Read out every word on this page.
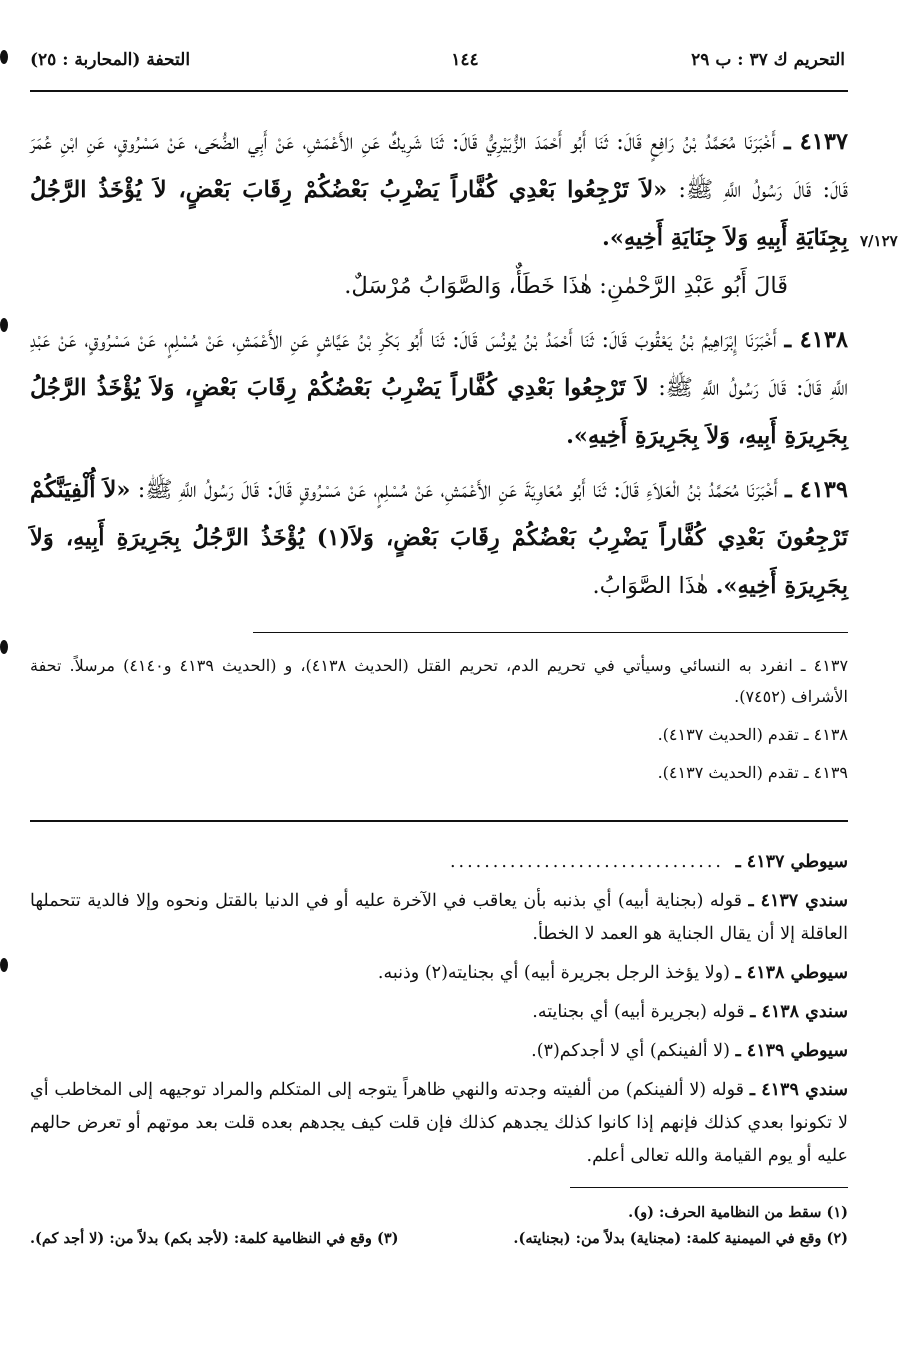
التحريم ك ٣٧ : ب ٢٩
١٤٤
التحفة (المحاربة : ٢٥)
٧/١٢٧

٤١٣٧ ـ أَخْبَرَنَا مُحَمَّدُ بْنُ رَافِعٍ قَالَ: ثَنَا أَبُو أَحْمَدَ الزُّبَيْرِيُّ قَالَ: ثَنَا شَرِيكٌ عَنِ الأَعْمَشِ، عَنْ أَبِي الضُّحَى، عَنْ مَسْرُوقٍ، عَنِ ابْنِ عُمَرَ قَالَ: قَالَ رَسُولُ اللَّهِ ﷺ: «لاَ تَرْجِعُوا بَعْدِي كُفَّاراً يَضْرِبُ بَعْضُكُمْ رِقَابَ بَعْضٍ، لاَ يُؤْخَذُ الرَّجُلُ بِجِنَايَةِ أَبِيهِ وَلاَ جِنَايَةِ أَخِيهِ».

قَالَ أَبُو عَبْدِ الرَّحْمٰنِ: هٰذَا خَطَأٌ، وَالصَّوَابُ مُرْسَلٌ.

٤١٣٨ ـ أَخْبَرَنَا إِبْرَاهِيمُ بْنُ يَعْقُوبَ قَالَ: ثَنَا أَحْمَدُ بْنُ يُونُسَ قَالَ: ثَنَا أَبُو بَكْرِ بْنُ عَيَّاشٍ عَنِ الأَعْمَشِ، عَنْ مُسْلِمٍ، عَنْ مَسْرُوقٍ، عَنْ عَبْدِ اللَّهِ قَالَ: قَالَ رَسُولُ اللَّهِ ﷺ: لاَ تَرْجِعُوا بَعْدِي كُفَّاراً يَضْرِبُ بَعْضُكُمْ رِقَابَ بَعْضٍ، وَلاَ يُؤْخَذُ الرَّجُلُ بِجَرِيرَةِ أَبِيهِ، وَلاَ بِجَرِيرَةِ أَخِيهِ».

٤١٣٩ ـ أَخْبَرَنَا مُحَمَّدُ بْنُ الْعَلاَءِ قَالَ: ثَنَا أَبُو مُعَاوِيَةَ عَنِ الأَعْمَشِ، عَنْ مُسْلِمٍ، عَنْ مَسْرُوقٍ قَالَ: قَالَ رَسُولُ اللَّهِ ﷺ: «لاَ أُلْفِيَنَّكُمْ تَرْجِعُونَ بَعْدِي كُفَّاراً يَضْرِبُ بَعْضُكُمْ رِقَابَ بَعْضٍ، وَلاَ(١) يُؤْخَذُ الرَّجُلُ بِجَرِيرَةِ أَبِيهِ، وَلاَ بِجَرِيرَةِ أَخِيهِ». هٰذَا الصَّوَابُ.

٤١٣٧ ـ انفرد به النسائي وسيأتي في تحريم الدم، تحريم القتل (الحديث ٤١٣٨)، و (الحديث ٤١٣٩ و٤١٤٠) مرسلاً. تحفة الأشراف (٧٤٥٢).

٤١٣٨ ـ تقدم (الحديث ٤١٣٧).

٤١٣٩ ـ تقدم (الحديث ٤١٣٧).

سيوطي ٤١٣٧ ـ ................................

سندي ٤١٣٧ ـ قوله (بجناية أبيه) أي بذنبه بأن يعاقب في الآخرة عليه أو في الدنيا بالقتل ونحوه وإلا فالدية تتحملها العاقلة إلا أن يقال الجناية هو العمد لا الخطأ.

سيوطي ٤١٣٨ ـ (ولا يؤخذ الرجل بجريرة أبيه) أي بجنايته(٢) وذنبه.

سندي ٤١٣٨ ـ قوله (بجريرة أبيه) أي بجنايته.

سيوطي ٤١٣٩ ـ (لا ألفينكم) أي لا أجدكم(٣).

سندي ٤١٣٩ ـ قوله (لا ألفينكم) من ألفيته وجدته والنهي ظاهراً يتوجه إلى المتكلم والمراد توجيهه إلى المخاطب أي لا تكونوا بعدي كذلك فإنهم إذا كانوا كذلك يجدهم كذلك فإن قلت كيف يجدهم بعده قلت بعد موتهم أو تعرض حالهم عليه أو يوم القيامة والله تعالى أعلم.

(١) سقط من النظامية الحرف: (و).
(٢) وقع في الميمنية كلمة: (مجناية) بدلاً من: (بجنايته).
(٣) وقع في النظامية كلمة: (لأجد بكم) بدلاً من: (لا أجد كم).
